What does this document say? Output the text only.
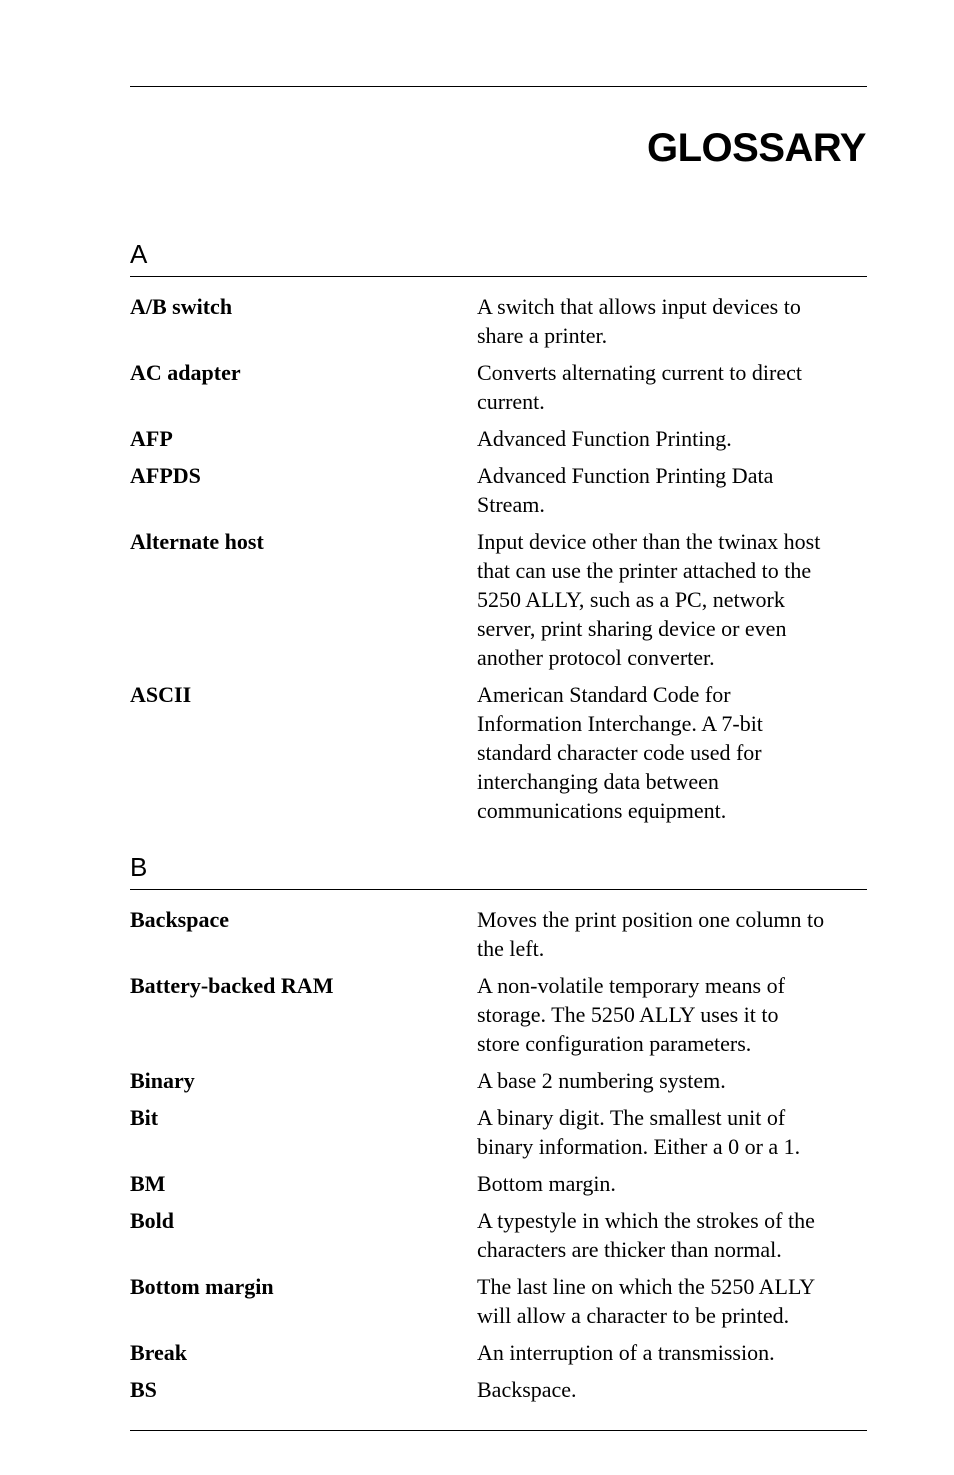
GLOSSARY
A
A/B switch	A switch that allows input devices to
share a printer.
AC adapter	Converts alternating current to direct
current.
AFP	Advanced Function Printing.
AFPDS	Advanced Function Printing Data
Stream.
Alternate host	Input device other than the twinax host
that can use the printer attached to the
5250 ALLY, such as a PC, network
server, print sharing device or even
another protocol converter.
ASCII	American Standard Code for
Information Interchange. A 7-bit
standard character code used for
interchanging data between
communications equipment.
B
Backspace	Moves the print position one column to
the left.
Battery-backed RAM	A non-volatile temporary means of
storage. The 5250 ALLY uses it to
store configuration parameters.
Binary	A base 2 numbering system.
Bit	A binary digit. The smallest unit of
binary information. Either a 0 or a 1.
BM	Bottom margin.
Bold	A typestyle in which the strokes of the
characters are thicker than normal.
Bottom margin	The last line on which the 5250 ALLY
will allow a character to be printed.
Break	An interruption of a transmission.
BS	Backspace.
